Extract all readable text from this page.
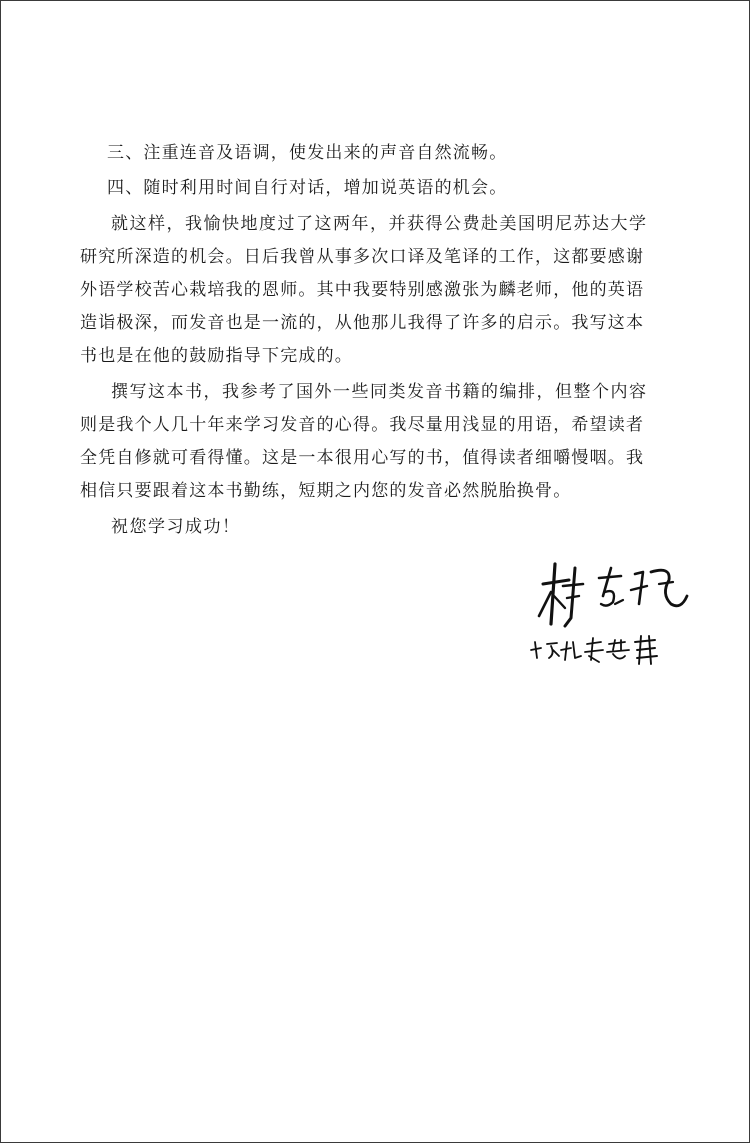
三、注重连音及语调，使发出来的声音自然流畅。
四、随时利用时间自行对话，增加说英语的机会。
就这样，我愉快地度过了这两年，并获得公费赴美国明尼苏达大学
研究所深造的机会。日后我曾从事多次口译及笔译的工作，这都要感谢
外语学校苦心栽培我的恩师。其中我要特别感激张为麟老师，他的英语
造诣极深，而发音也是一流的，从他那儿我得了许多的启示。我写这本
书也是在他的鼓励指导下完成的。
撰写这本书，我参考了国外一些同类发音书籍的编排，但整个内容
则是我个人几十年来学习发音的心得。我尽量用浅显的用语，希望读者
全凭自修就可看得懂。这是一本很用心写的书，值得读者细嚼慢咽。我
相信只要跟着这本书勤练，短期之内您的发音必然脱胎换骨。
祝您学习成功！
